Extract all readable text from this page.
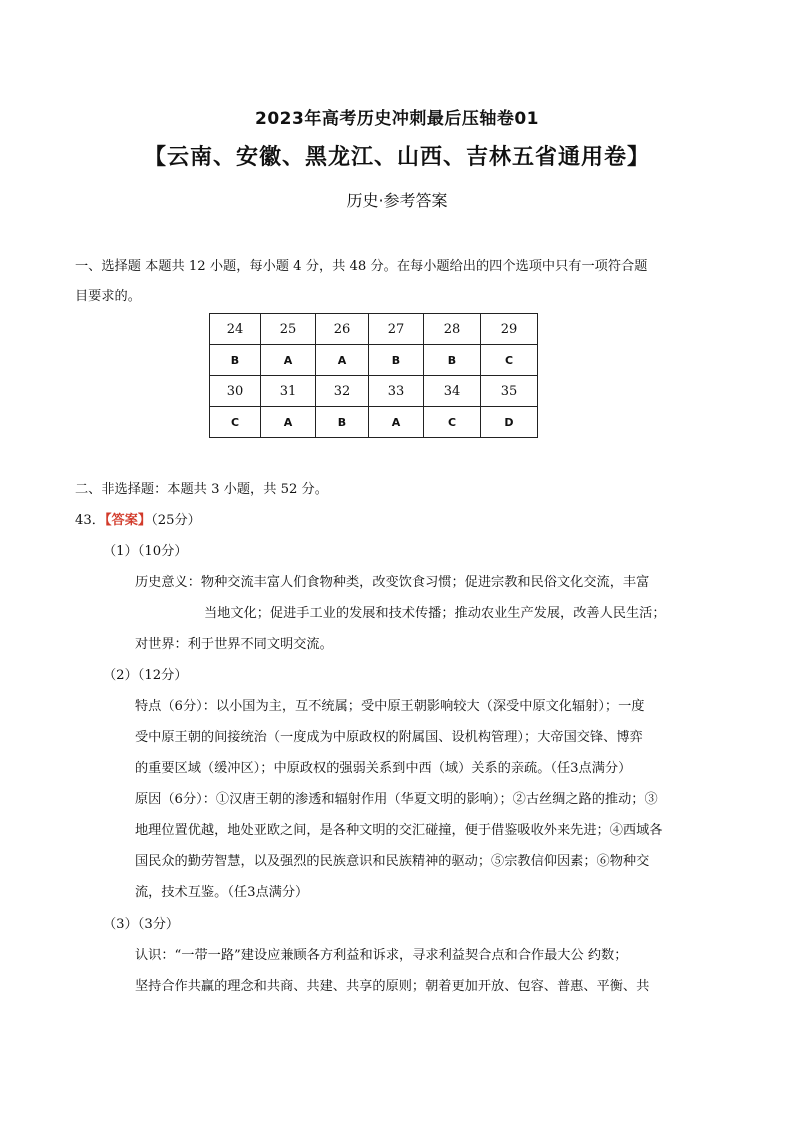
2023年高考历史冲刺最后压轴卷01
【云南、安徽、黑龙江、山西、吉林五省通用卷】
历史·参考答案
一、选择题 本题共 12 小题，每小题 4 分，共 48 分。在每小题给出的四个选项中只有一项符合题
目要求的。
24	25	26	27	28	29
B	A	A	B	B	C
30	31	32	33	34	35
C	A	B	A	C	D
二、非选择题：本题共 3 小题，共 52 分。
43．【答案】（25分）
（1）（10分）
历史意义：物种交流丰富人们食物种类，改变饮食习惯；促进宗教和民俗文化交流，丰富
当地文化；促进手工业的发展和技术传播；推动农业生产发展，改善人民生活；
对世界：利于世界不同文明交流。
（2）（12分）
特点（6分）：以小国为主，互不统属；受中原王朝影响较大（深受中原文化辐射）；一度
受中原王朝的间接统治（一度成为中原政权的附属国、设机构管理）；大帝国交锋、博弈
的重要区域（缓冲区）；中原政权的强弱关系到中西（域）关系的亲疏。（任3点满分）
原因（6分）：①汉唐王朝的渗透和辐射作用（华夏文明的影响）；②古丝绸之路的推动；③
地理位置优越，地处亚欧之间，是各种文明的交汇碰撞，便于借鉴吸收外来先进；④西域各
国民众的勤劳智慧，以及强烈的民族意识和民族精神的驱动；⑤宗教信仰因素；⑥物种交
流，技术互鉴。（任3点满分）
（3）（3分）
认识：“一带一路”建设应兼顾各方利益和诉求，寻求利益契合点和合作最大公 约数；
坚持合作共赢的理念和共商、共建、共享的原则；朝着更加开放、包容、普惠、平衡、共
